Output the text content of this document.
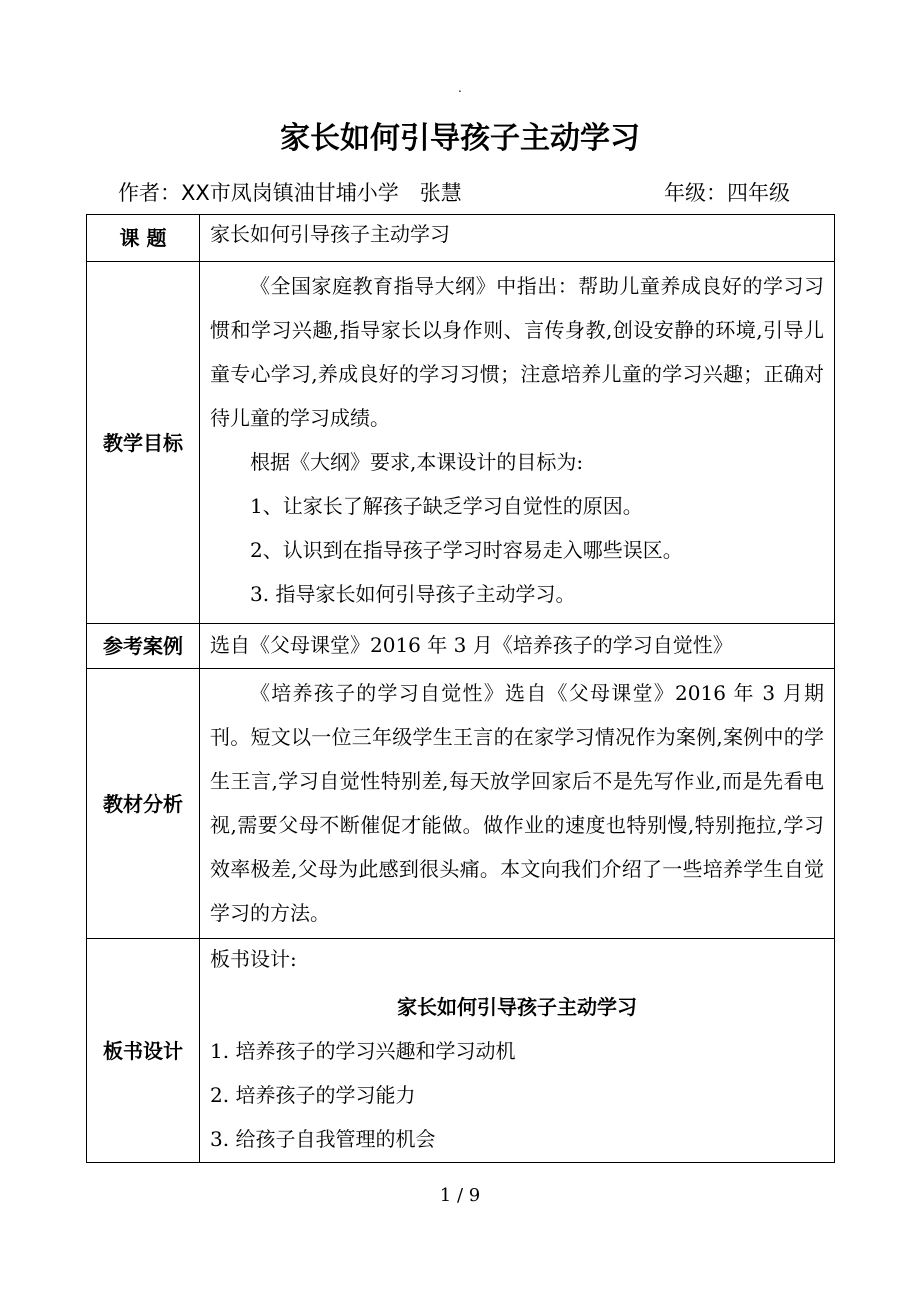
.
家长如何引导孩子主动学习
作者：XX市凤岗镇油甘埔小学　张慧	年级：四年级
课 题	家长如何引导孩子主动学习
教学目标	《全国家庭教育指导大纲》中指出：帮助儿童养成良好的学习习惯和学习兴趣,指导家长以身作则、言传身教,创设安静的环境,引导儿童专心学习,养成良好的学习习惯；注意培养儿童的学习兴趣；正确对待儿童的学习成绩。

根据《大纲》要求,本课设计的目标为:

1、让家长了解孩子缺乏学习自觉性的原因。

2、认识到在指导孩子学习时容易走入哪些误区。

3. 指导家长如何引导孩子主动学习。

参考案例	选自《父母课堂》2016 年 3 月《培养孩子的学习自觉性》
教材分析	《培养孩子的学习自觉性》选自《父母课堂》2016 年 3 月期刊。短文以一位三年级学生王言的在家学习情况作为案例,案例中的学生王言,学习自觉性特别差,每天放学回家后不是先写作业,而是先看电视,需要父母不断催促才能做。做作业的速度也特别慢,特别拖拉,学习效率极差,父母为此感到很头痛。本文向我们介绍了一些培养学生自觉学习的方法。

板书设计	板书设计:

家长如何引导孩子主动学习

1. 培养孩子的学习兴趣和学习动机

2. 培养孩子的学习能力

3. 给孩子自我管理的机会

1 / 9
